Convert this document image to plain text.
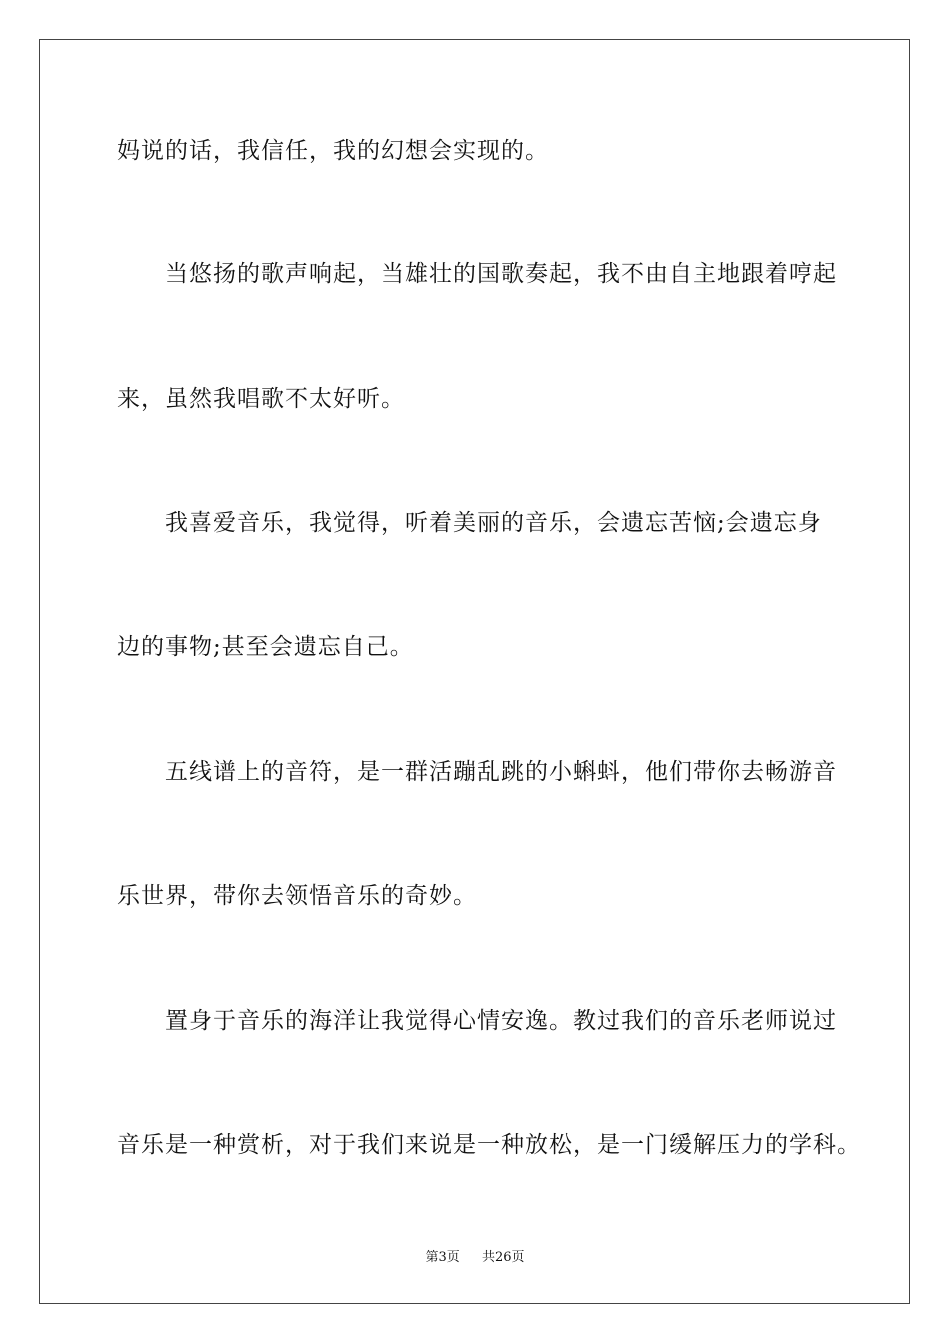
妈说的话，我信任，我的幻想会实现的。
当悠扬的歌声响起，当雄壮的国歌奏起，我不由自主地跟着哼起
来，虽然我唱歌不太好听。
我喜爱音乐，我觉得，听着美丽的音乐，会遗忘苦恼;会遗忘身
边的事物;甚至会遗忘自己。
五线谱上的音符，是一群活蹦乱跳的小蝌蚪，他们带你去畅游音
乐世界，带你去领悟音乐的奇妙。
置身于音乐的海洋让我觉得心情安逸。教过我们的音乐老师说过
音乐是一种赏析，对于我们来说是一种放松，是一门缓解压力的学科。
第3页 共26页
